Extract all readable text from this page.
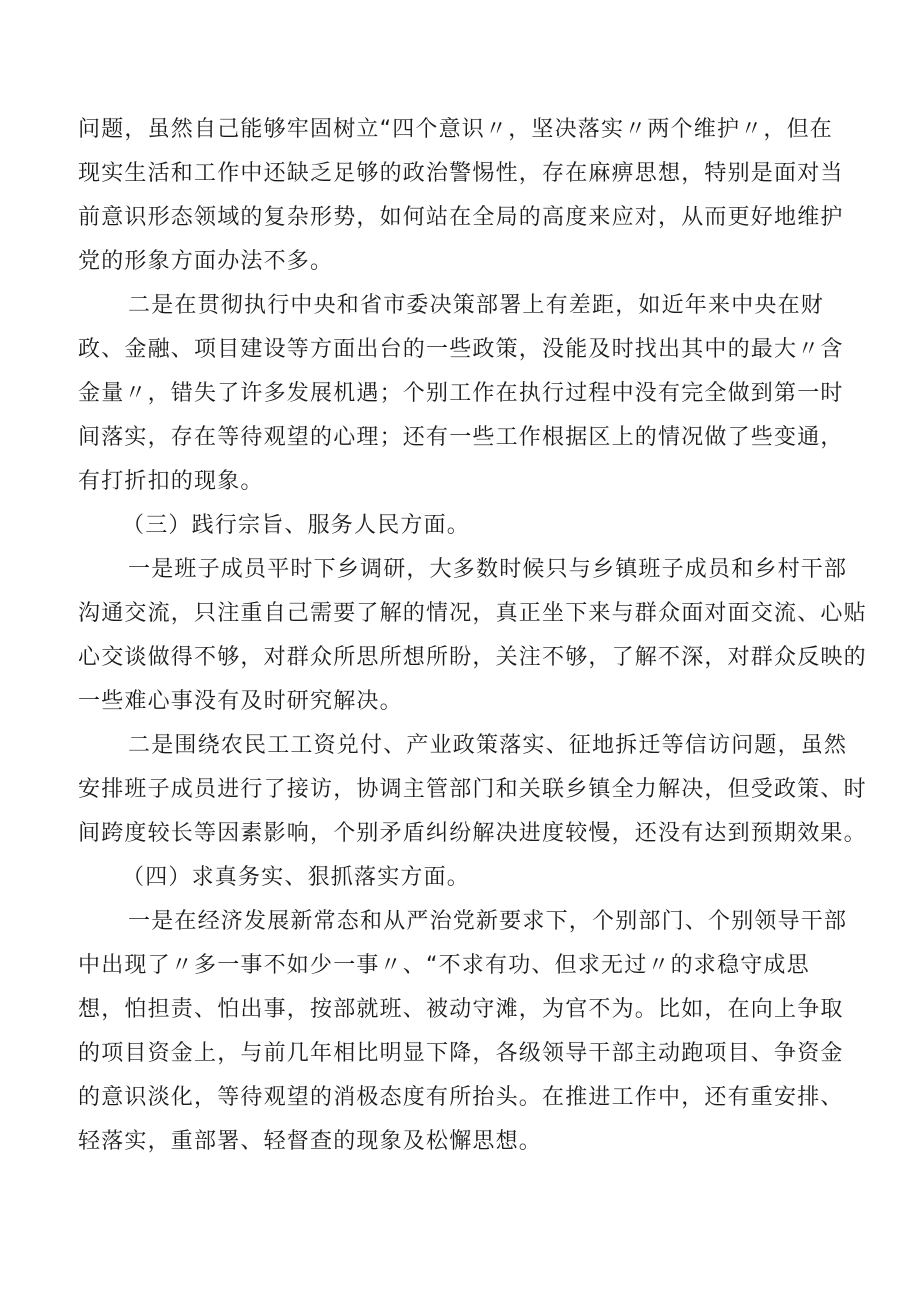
问题，虽然自己能够牢固树立“四个意识〃，坚决落实〃两个维护〃，但在
现实生活和工作中还缺乏足够的政治警惕性，存在麻痹思想，特别是面对当
前意识形态领域的复杂形势，如何站在全局的高度来应对，从而更好地维护
党的形象方面办法不多。
二是在贯彻执行中央和省市委决策部署上有差距，如近年来中央在财
政、金融、项目建设等方面出台的一些政策，没能及时找出其中的最大〃含
金量〃，错失了许多发展机遇；个别工作在执行过程中没有完全做到第一时
间落实，存在等待观望的心理；还有一些工作根据区上的情况做了些变通，
有打折扣的现象。
（三）践行宗旨、服务人民方面。
一是班子成员平时下乡调研，大多数时候只与乡镇班子成员和乡村干部
沟通交流，只注重自己需要了解的情况，真正坐下来与群众面对面交流、心贴
心交谈做得不够，对群众所思所想所盼，关注不够，了解不深，对群众反映的
一些难心事没有及时研究解决。
二是围绕农民工工资兑付、产业政策落实、征地拆迁等信访问题，虽然
安排班子成员进行了接访，协调主管部门和关联乡镇全力解决，但受政策、时
间跨度较长等因素影响，个别矛盾纠纷解决进度较慢，还没有达到预期效果。
（四）求真务实、狠抓落实方面。
一是在经济发展新常态和从严治党新要求下，个别部门、个别领导干部
中出现了〃多一事不如少一事〃、“不求有功、但求无过〃的求稳守成思
想，怕担责、怕出事，按部就班、被动守滩，为官不为。比如，在向上争取
的项目资金上，与前几年相比明显下降，各级领导干部主动跑项目、争资金
的意识淡化，等待观望的消极态度有所抬头。在推进工作中，还有重安排、
轻落实，重部署、轻督查的现象及松懈思想。
